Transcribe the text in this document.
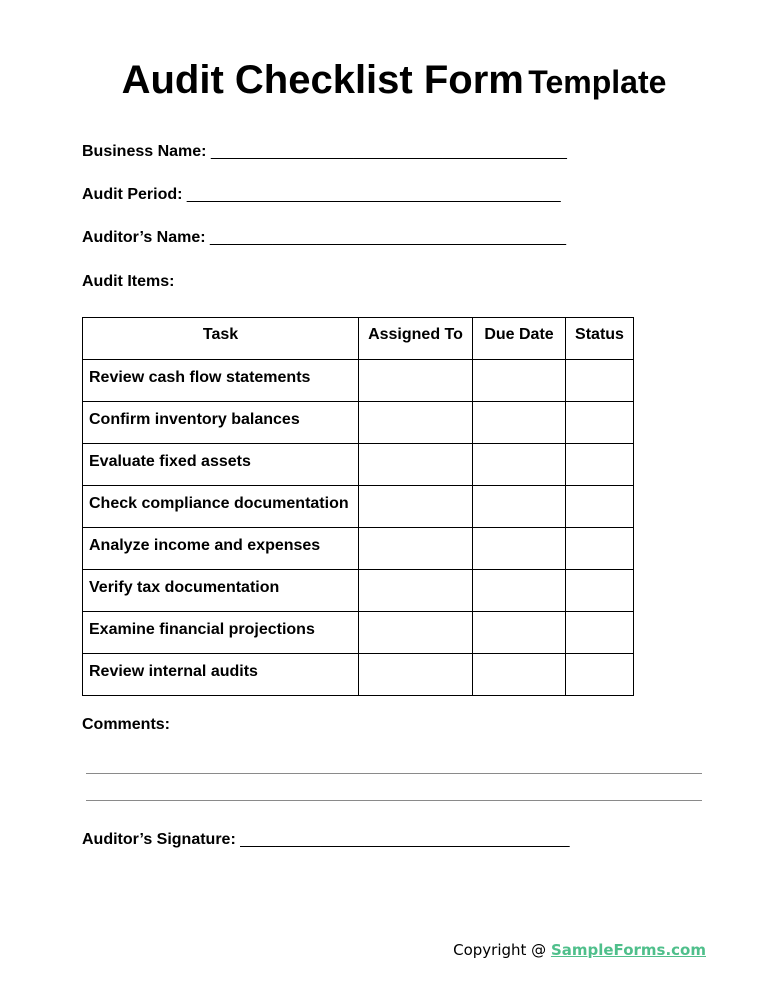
Audit Checklist Form Template
Business Name: ________________________________________
Audit Period: __________________________________________
Auditor’s Name: ________________________________________
Audit Items:
Task	Assigned To	Due Date	Status
Review cash flow statements			
Confirm inventory balances			
Evaluate fixed assets			
Check compliance documentation			
Analyze income and expenses			
Verify tax documentation			
Examine financial projections			
Review internal audits			
Comments:
Auditor’s Signature: _____________________________________
Copyright @ SampleForms.com
